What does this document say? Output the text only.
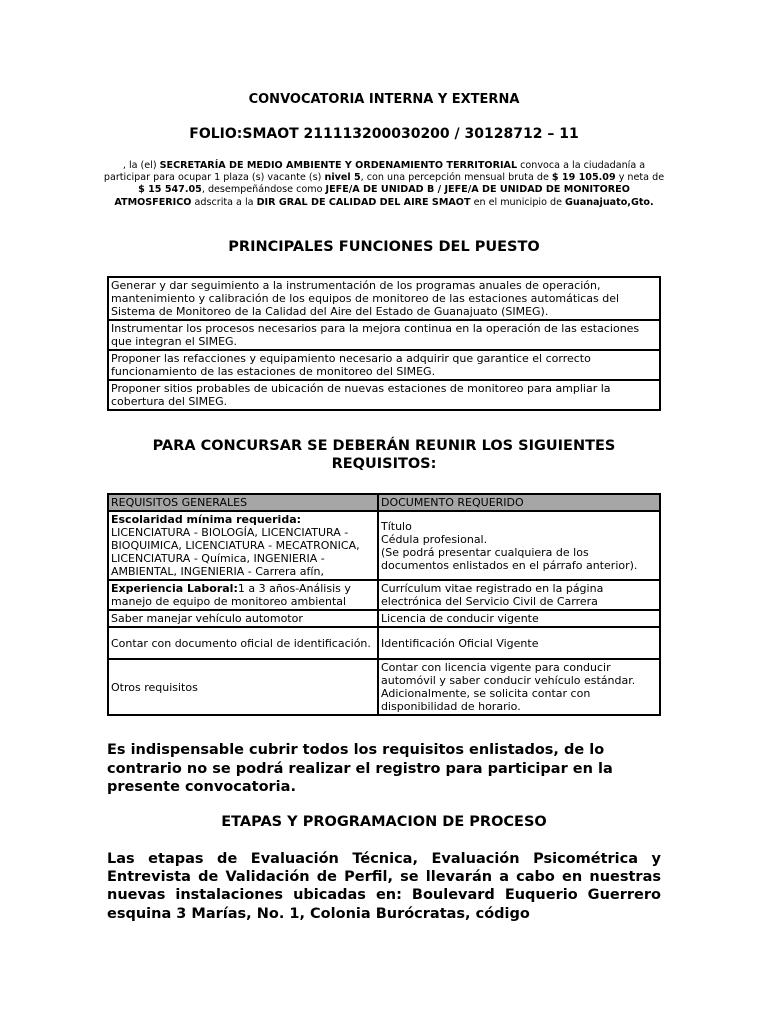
CONVOCATORIA INTERNA Y EXTERNA
FOLIO:SMAOT 211113200030200 / 30128712 – 11
, la (el) SECRETARÍA DE MEDIO AMBIENTE Y ORDENAMIENTO TERRITORIAL convoca a la ciudadanía a participar para ocupar 1 plaza (s) vacante (s) nivel 5, con una percepción mensual bruta de $ 19 105.09 y neta de $ 15 547.05, desempeñándose como JEFE/A DE UNIDAD B / JEFE/A DE UNIDAD DE MONITOREO ATMOSFERICO adscrita a la DIR GRAL DE CALIDAD DEL AIRE SMAOT en el municipio de Guanajuato,Gto.
PRINCIPALES FUNCIONES DEL PUESTO
Generar y dar seguimiento a la instrumentación de los programas anuales de operación, mantenimiento y calibración de los equipos de monitoreo de las estaciones automáticas del Sistema de Monitoreo de la Calidad del Aire del Estado de Guanajuato (SIMEG).
Instrumentar los procesos necesarios para la mejora continua en la operación de las estaciones que integran el SIMEG.
Proponer las refacciones y equipamiento necesario a adquirir que garantice el correcto funcionamiento de las estaciones de monitoreo del SIMEG.
Proponer sitios probables de ubicación de nuevas estaciones de monitoreo para ampliar la cobertura del SIMEG.
PARA CONCURSAR SE DEBERÁN REUNIR LOS SIGUIENTES REQUISITOS:
REQUISITOS GENERALES	DOCUMENTO REQUERIDO
Escolaridad mínima requerida:
LICENCIATURA - BIOLOGÍA, LICENCIATURA - BIOQUIMICA, LICENCIATURA - MECATRONICA, LICENCIATURA - Química, INGENIERIA - AMBIENTAL, INGENIERIA - Carrera afín,	Título
Cédula profesional.
(Se podrá presentar cualquiera de los documentos enlistados en el párrafo anterior).
Experiencia Laboral:1 a 3 años-Análisis y manejo de equipo de monitoreo ambiental	Currículum vitae registrado en la página electrónica del Servicio Civil de Carrera
Saber manejar vehículo automotor	Licencia de conducir vigente
Contar con documento oficial de identificación.	Identificación Oficial Vigente
Otros requisitos	Contar con licencia vigente para conducir automóvil y saber conducir vehículo estándar. Adicionalmente, se solicita contar con disponibilidad de horario.
Es indispensable cubrir todos los requisitos enlistados, de lo contrario no se podrá realizar el registro para participar en la presente convocatoria.
ETAPAS Y PROGRAMACION DE PROCESO
Las etapas de Evaluación Técnica, Evaluación Psicométrica y Entrevista de Validación de Perfil, se llevarán a cabo en nuestras nuevas instalaciones ubicadas en: Boulevard Euquerio Guerrero esquina 3 Marías, No. 1, Colonia Burócratas, código
